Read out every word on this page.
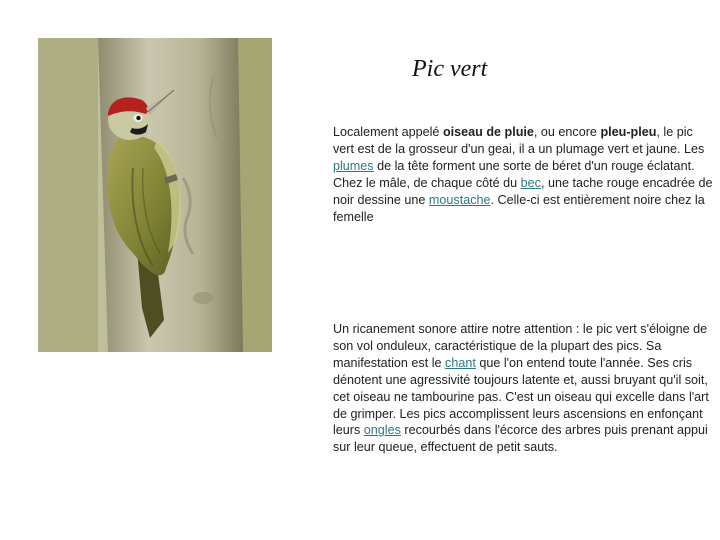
Pic vert
Localement appelé oiseau de pluie, ou encore pleu-pleu, le pic vert est de la grosseur d'un geai, il a un plumage vert et jaune. Les plumes de la tête forment une sorte de béret d'un rouge éclatant. Chez le mâle, de chaque côté du bec, une tache rouge encadrée de noir dessine une moustache. Celle-ci est entièrement noire chez la femelle
Un ricanement sonore attire notre attention : le pic vert s'éloigne de son vol onduleux, caractéristique de la plupart des pics. Sa manifestation est le chant que l'on entend toute l'année. Ses cris dénotent une agressivité toujours latente et, aussi bruyant qu'il soit, cet oiseau ne tambourine pas. C'est un oiseau qui excelle dans l'art de grimper. Les pics accomplissent leurs ascensions en enfonçant leurs ongles recourbés dans l'écorce des arbres puis prenant appui sur leur queue, effectuent de petit sauts.
